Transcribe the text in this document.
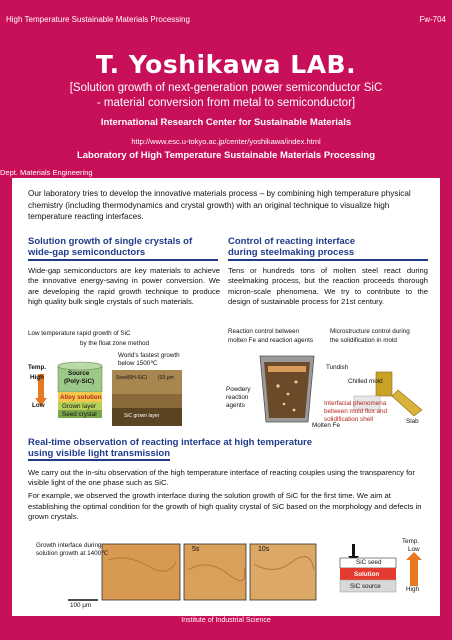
High Temperature Sustainable Materials Processing	Fw-704
T. Yoshikawa LAB.
[Solution growth of next-generation power semiconductor SiC
- material conversion from metal to semiconductor]
International Research Center for Sustainable Materials
http://www.esc.u-tokyo.ac.jp/center/yoshikawa/index.html
Laboratory of High Temperature Sustainable Materials Processing
Dept. Materials Engineering
Our laboratory tries to develop the innovative materials process – by combining high temperature physical chemistry (including thermodynamics and crystal growth) with an original technique to visualize high temperature reacting interfaces.
Solution growth of single crystals of
wide-gap semiconductors
Wide-gap semiconductors are key materials to achieve the innovative energy-saving in power conversion. We are developing the rapid growth technique to produce high quality bulk single crystals of such materials.
Low temperature rapid growth of SiC
by the float zone method
Temp.
High
Low
Source
(Poly-SiC)
Alloy solution
Grown layer
Seed crystal
World's fastest growth
below 1500℃
Seed(6H-SiC) (03 μm
SiC grown layer
Control of reacting interface
during steelmaking process
Tens or hundreds tons of molten steel react during steelmaking process, but the reaction proceeds thorough micron-scale phenomena. We try to contribute to the design of sustainable process for 21st century.
Reaction control between
molten Fe and reaction agents
Microstructure control during
the solidification in mold
Tundish
Chilled mold
Powdery
reaction
agents
Molten Fe
Interfacial phenomena
between mold flux and
solidification shell	Slab
Real-time observation of reacting interface at high temperature
using visible light transmission
We carry out the in-situ observation of the high temperature interface of reacting couples using the transparency for visible light of the one phase such as SiC.
For example, we observed the growth interface during the solution growth of SiC for the first time. We aim at establishing the optimal condition for the growth of high quality crystal of SiC based on the morphology and defects in grown crystals.
Growth interface during
solution growth at 1400℃
5s	10s
100 μm
Temp.
Low
High
SiC seed
Solution
SiC source
Institute of Industrial Science
